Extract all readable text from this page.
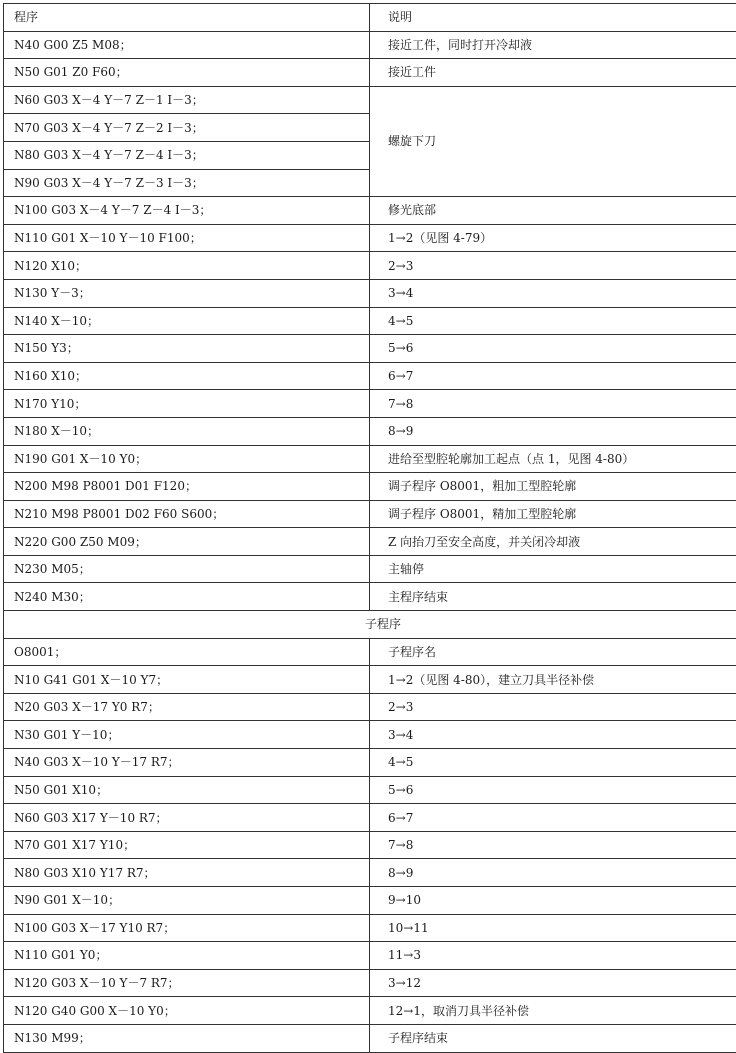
程序	说明
N40 G00 Z5 M08；	接近工件，同时打开冷却液
N50 G01 Z0 F60；	接近工件
N60 G03 X－4 Y－7 Z－1 I－3；	螺旋下刀
N70 G03 X－4 Y－7 Z－2 I－3；	
N80 G03 X－4 Y－7 Z－4 I－3；	
N90 G03 X－4 Y－7 Z－3 I－3；	
N100 G03 X－4 Y－7 Z－4 I－3；	修光底部
N110 G01 X－10 Y－10 F100；	1→2（见图 4-79）
N120 X10；	2→3
N130 Y－3；	3→4
N140 X－10；	4→5
N150 Y3；	5→6
N160 X10；	6→7
N170 Y10；	7→8
N180 X－10；	8→9
N190 G01 X－10 Y0；	进给至型腔轮廓加工起点（点 1，见图 4-80）
N200 M98 P8001 D01 F120；	调子程序 O8001，粗加工型腔轮廓
N210 M98 P8001 D02 F60 S600；	调子程序 O8001，精加工型腔轮廓
N220 G00 Z50 M09；	Z 向抬刀至安全高度，并关闭冷却液
N230 M05；	主轴停
N240 M30；	主程序结束
子程序	
O8001；	子程序名
N10 G41 G01 X－10 Y7；	1→2（见图 4-80），建立刀具半径补偿
N20 G03 X－17 Y0 R7；	2→3
N30 G01 Y－10；	3→4
N40 G03 X－10 Y－17 R7；	4→5
N50 G01 X10；	5→6
N60 G03 X17 Y－10 R7；	6→7
N70 G01 X17 Y10；	7→8
N80 G03 X10 Y17 R7；	8→9
N90 G01 X－10；	9→10
N100 G03 X－17 Y10 R7；	10→11
N110 G01 Y0；	11→3
N120 G03 X－10 Y－7 R7；	3→12
N120 G40 G00 X－10 Y0；	12→1，取消刀具半径补偿
N130 M99；	子程序结束
